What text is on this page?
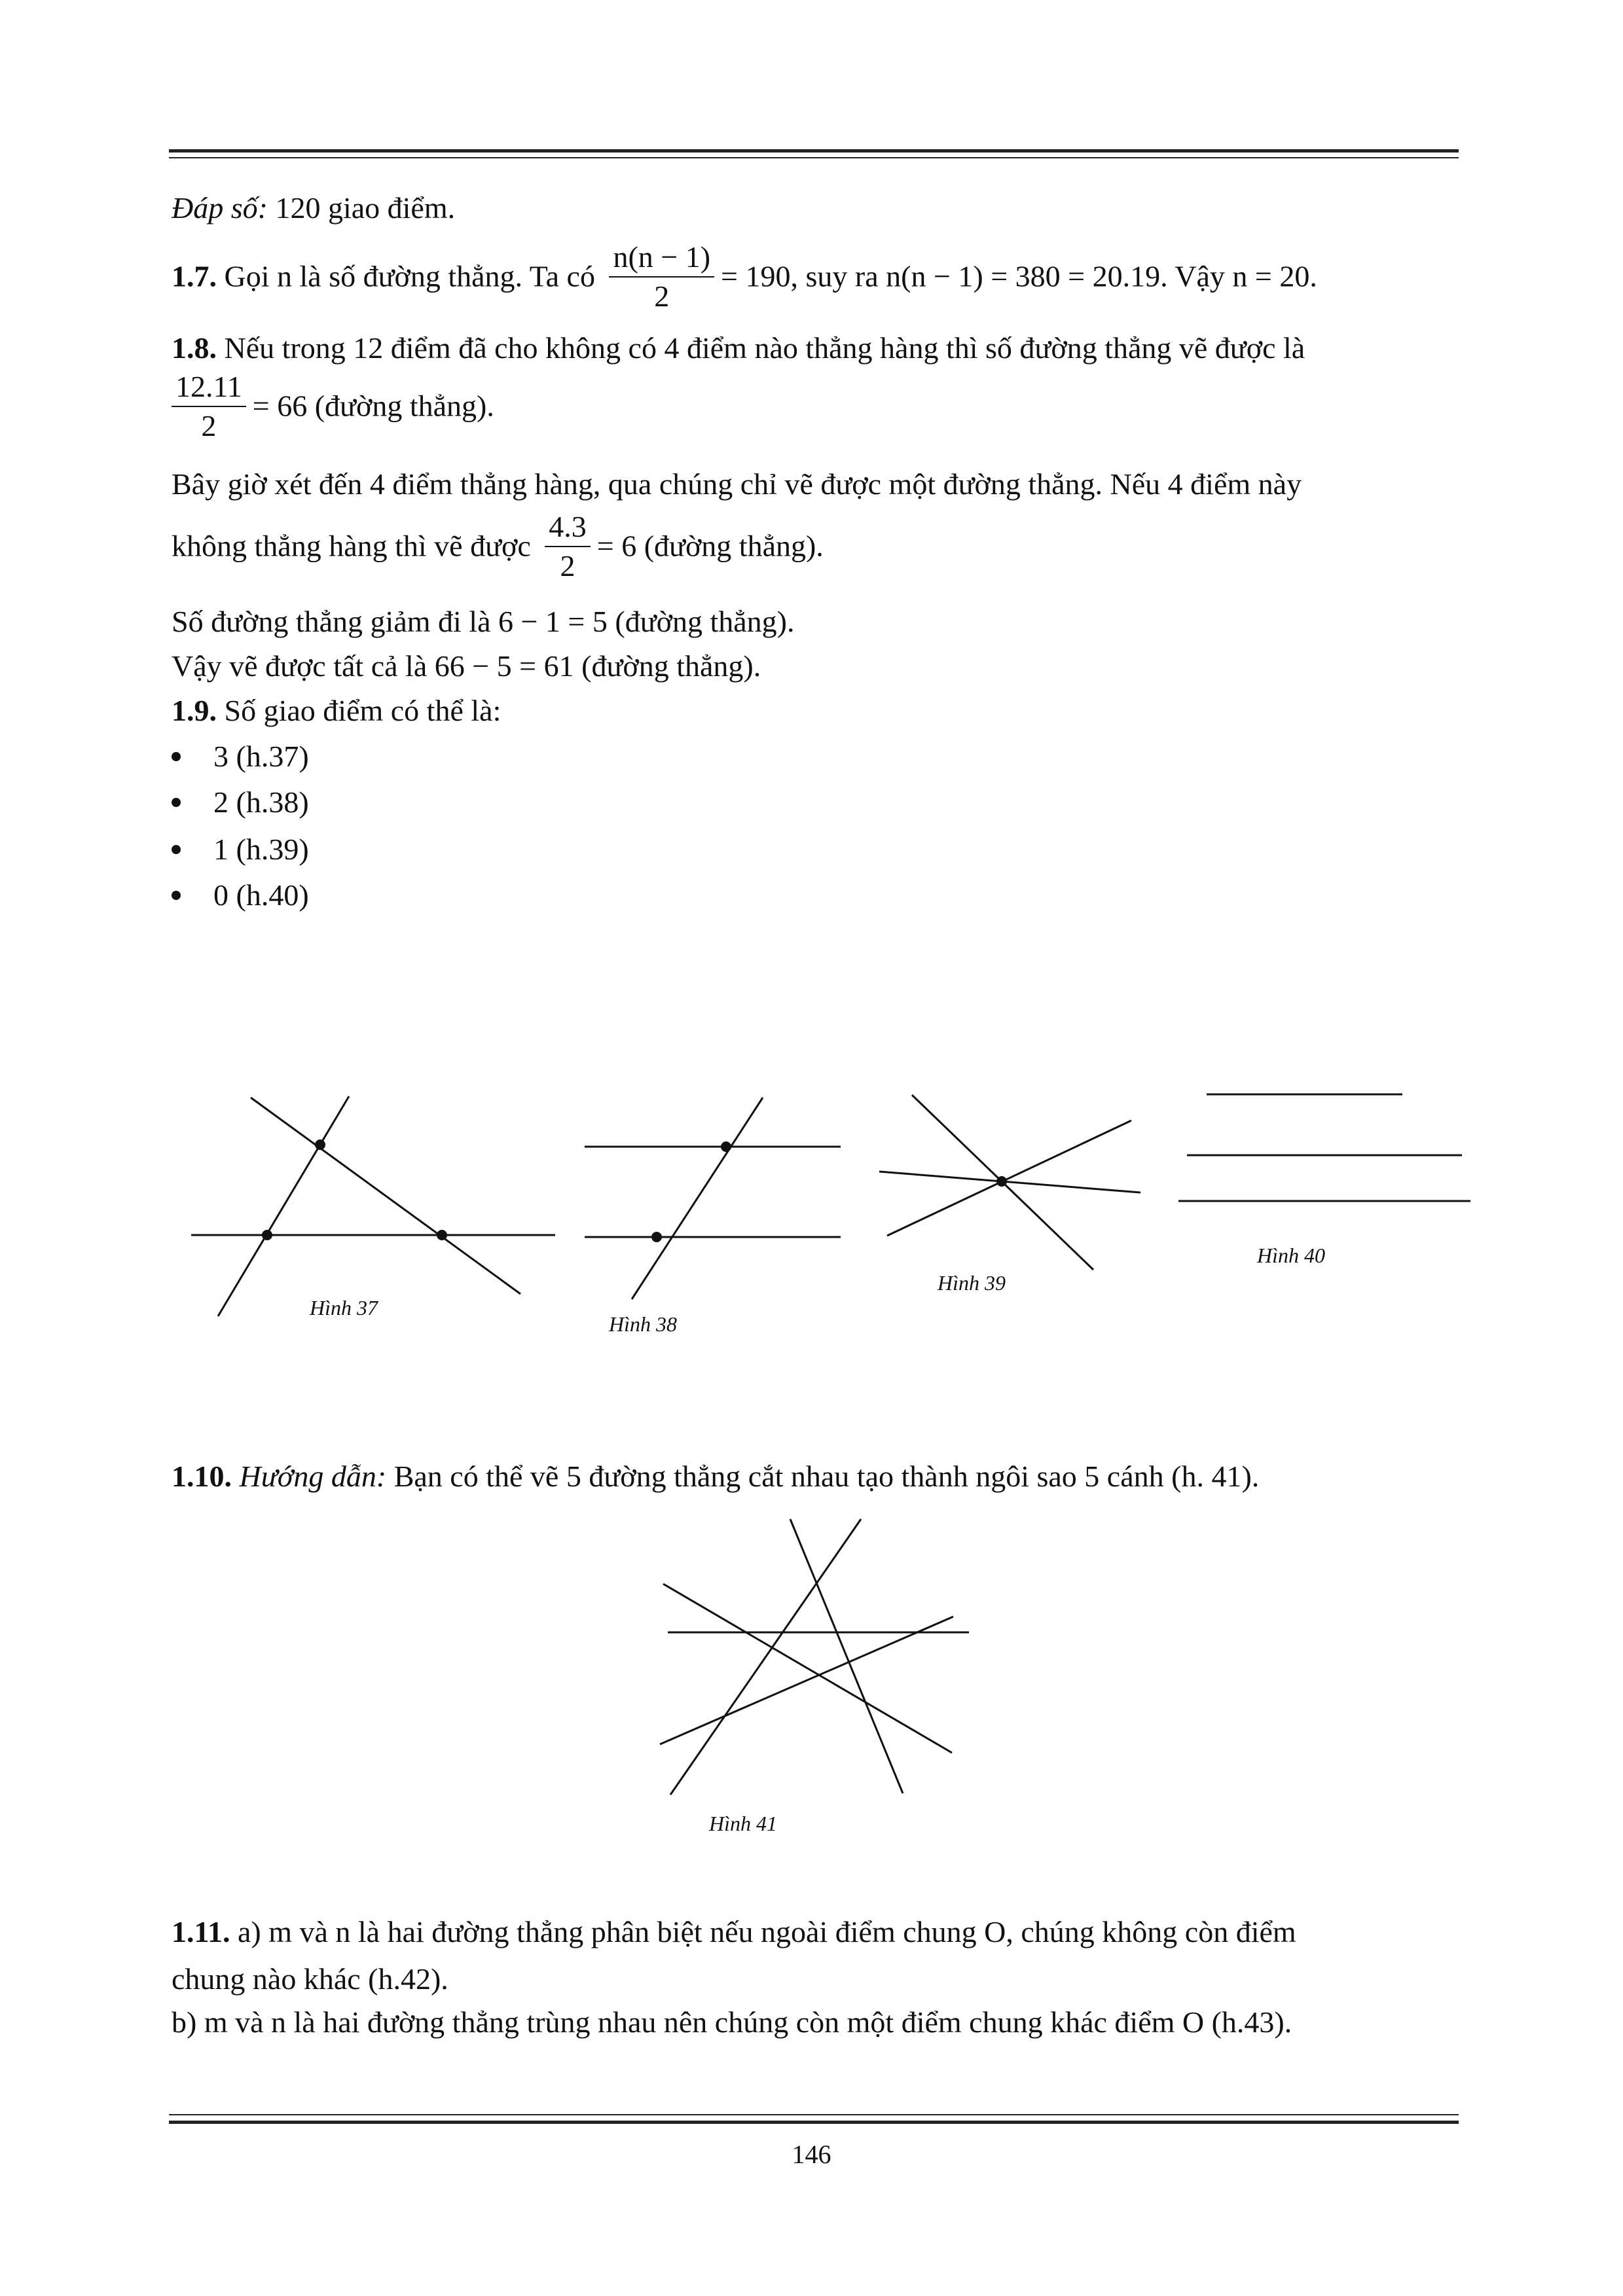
Đáp số: 120 giao điểm.
1.7. Gọi n là số đường thẳng. Ta có $\frac{n(n - 1)}{2} = 190$, suy ra n(n − 1) = 380 = 20.19. Vậy n = 20.
1.8. Nếu trong 12 điểm đã cho không có 4 điểm nào thẳng hàng thì số đường thẳng vẽ được là
$\frac{12.11}{2} = 66$ (đường thẳng).
Bây giờ xét đến 4 điểm thẳng hàng, qua chúng chỉ vẽ được một đường thẳng. Nếu 4 điểm này
không thẳng hàng thì vẽ được $\frac{4.3}{2} = 6$ (đường thẳng).
Số đường thẳng giảm đi là 6 − 1 = 5 (đường thẳng).
Vậy vẽ được tất cả là 66 − 5 = 61 (đường thẳng).
1.9. Số giao điểm có thể là:
3 (h.37)
2 (h.38)
1 (h.39)
0 (h.40)
Hình 37
Hình 38
Hình 39
Hình 40
1.10. Hướng dẫn: Bạn có thể vẽ 5 đường thẳng cắt nhau tạo thành ngôi sao 5 cánh (h. 41).
Hình 41
1.11. a) m và n là hai đường thẳng phân biệt nếu ngoài điểm chung O, chúng không còn điểm
chung nào khác (h.42).
b) m và n là hai đường thẳng trùng nhau nên chúng còn một điểm chung khác điểm O (h.43).
146
